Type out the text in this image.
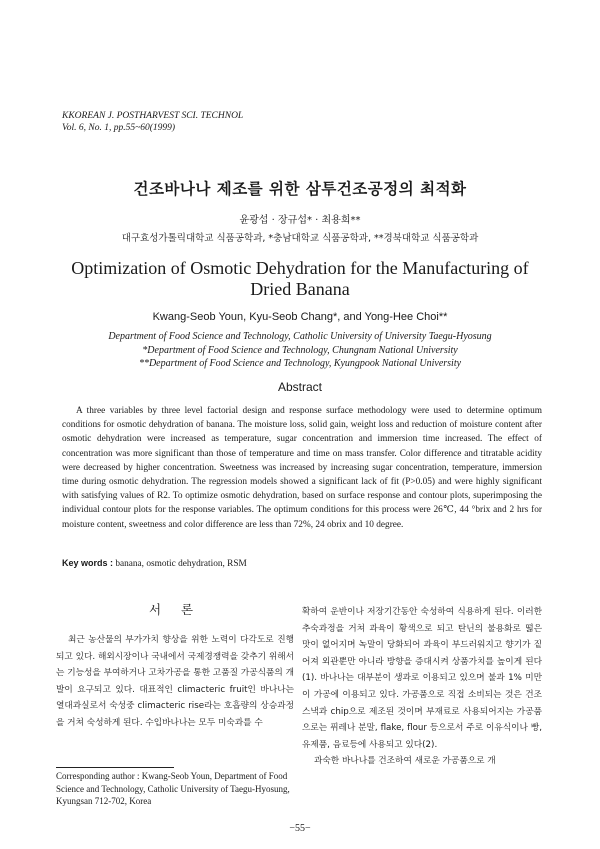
KKOREAN J. POSTHARVEST SCI. TECHNOL
Vol. 6, No. 1, pp.55~60(1999)
건조바나나 제조를 위한 삼투건조공정의 최적화
윤광섭 · 장규섭* · 최용희**
대구효성가톨릭대학교 식품공학과, *충남대학교 식품공학과, **경북대학교 식품공학과
Optimization of Osmotic Dehydration for the Manufacturing of
Dried Banana
Kwang-Seob Youn, Kyu-Seob Chang*, and Yong-Hee Choi**
Department of Food Science and Technology, Catholic University of University Taegu-Hyosung
*Department of Food Science and Technology, Chungnam National University
**Department of Food Science and Technology, Kyungpook National University
Abstract

A three variables by three level factorial design and response surface methodology were used to determine optimum conditions for osmotic dehydration of banana. The moisture loss, solid gain, weight loss and reduction of moisture content after osmotic dehydration were increased as temperature, sugar concentration and immersion time increased. The effect of concentration was more significant than those of temperature and time on mass transfer. Color difference and titratable acidity were decreased by higher concentration. Sweetness was increased by increasing sugar concentration, temperature, immersion time during osmotic dehydration. The regression models showed a significant lack of fit (P>0.05) and were highly significant with satisfying values of R2. To optimize osmotic dehydration, based on surface response and contour plots, superimposing the individual contour plots for the response variables. The optimum conditions for this process were 26℃, 44 °brix and 2 hrs for moisture content, sweetness and color difference are less than 72%, 24 obrix and 10 degree.

Key words : banana, osmotic dehydration, RSM
서 론

최근 농산물의 부가가치 향상을 위한 노력이 다각도로 진행되고 있다. 해외시장이나 국내에서 국제경쟁력을 갖추기 위해서는 기능성을 부여하거나 고차가공을 통한 고품질 가공식품의 개발이 요구되고 있다. 대표적인 climacteric fruit인 바나나는 열대과실로서 숙성중 climacteric rise라는 호흡량의 상승과정을 거쳐 숙성하게 된다. 수입바나나는 모두 미숙과를 수

확하여 운반이나 저장기간동안 숙성하여 식용하게 된다. 이러한 추숙과정을 거쳐 과육이 황색으로 되고 탄닌의 불용화로 떫은 맛이 없어지며 녹말이 당화되어 과육이 부드러워지고 향기가 짙어져 외관뿐만 아니라 방향을 증대시켜 상품가치를 높이게 된다(1). 바나나는 대부분이 생과로 이용되고 있으며 불과 1% 미만이 가공에 이용되고 있다. 가공품으로 직접 소비되는 것은 건조 스낵과 chip으로 제조된 것이며 부재료로 사용되어지는 가공품으로는 퓌레나 분말, flake, flour 등으로서 주로 이유식이나 빵, 유제품, 음료등에 사용되고 있다(2).

과숙한 바나나를 건조하여 새로운 가공품으로 개

Corresponding author : Kwang-Seob Youn, Department of Food Science and Technology, Catholic University of Taegu-Hyosung, Kyungsan 712-702, Korea
−55−
